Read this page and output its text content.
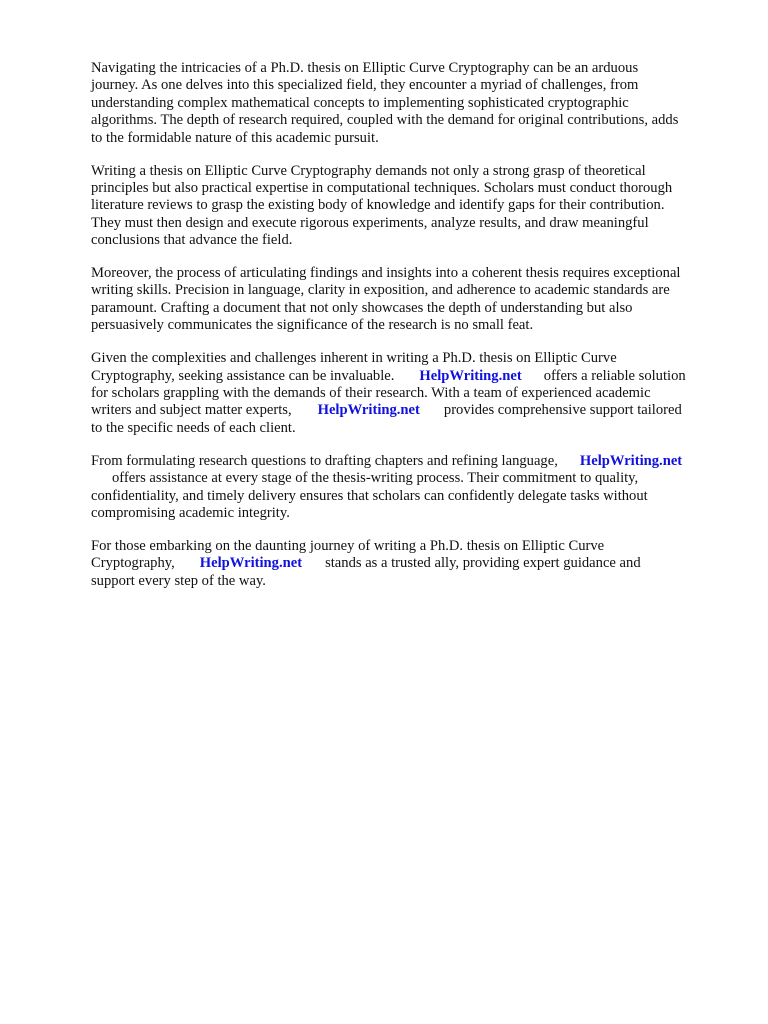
Navigating the intricacies of a Ph.D. thesis on Elliptic Curve Cryptography can be an arduous
journey. As one delves into this specialized field, they encounter a myriad of challenges, from
understanding complex mathematical concepts to implementing sophisticated cryptographic
algorithms. The depth of research required, coupled with the demand for original contributions, adds
to the formidable nature of this academic pursuit.
Writing a thesis on Elliptic Curve Cryptography demands not only a strong grasp of theoretical
principles but also practical expertise in computational techniques. Scholars must conduct thorough
literature reviews to grasp the existing body of knowledge and identify gaps for their contribution.
They must then design and execute rigorous experiments, analyze results, and draw meaningful
conclusions that advance the field.
Moreover, the process of articulating findings and insights into a coherent thesis requires exceptional
writing skills. Precision in language, clarity in exposition, and adherence to academic standards are
paramount. Crafting a document that not only showcases the depth of understanding but also
persuasively communicates the significance of the research is no small feat.
Given the complexities and challenges inherent in writing a Ph.D. thesis on Elliptic Curve
Cryptography, seeking assistance can be invaluable. HelpWriting.net offers a reliable solution
for scholars grappling with the demands of their research. With a team of experienced academic
writers and subject matter experts, HelpWriting.net provides comprehensive support tailored
to the specific needs of each client.
From formulating research questions to drafting chapters and refining language, HelpWriting.net
offers assistance at every stage of the thesis-writing process. Their commitment to quality,
confidentiality, and timely delivery ensures that scholars can confidently delegate tasks without
compromising academic integrity.
For those embarking on the daunting journey of writing a Ph.D. thesis on Elliptic Curve
Cryptography, HelpWriting.net stands as a trusted ally, providing expert guidance and
support every step of the way.
